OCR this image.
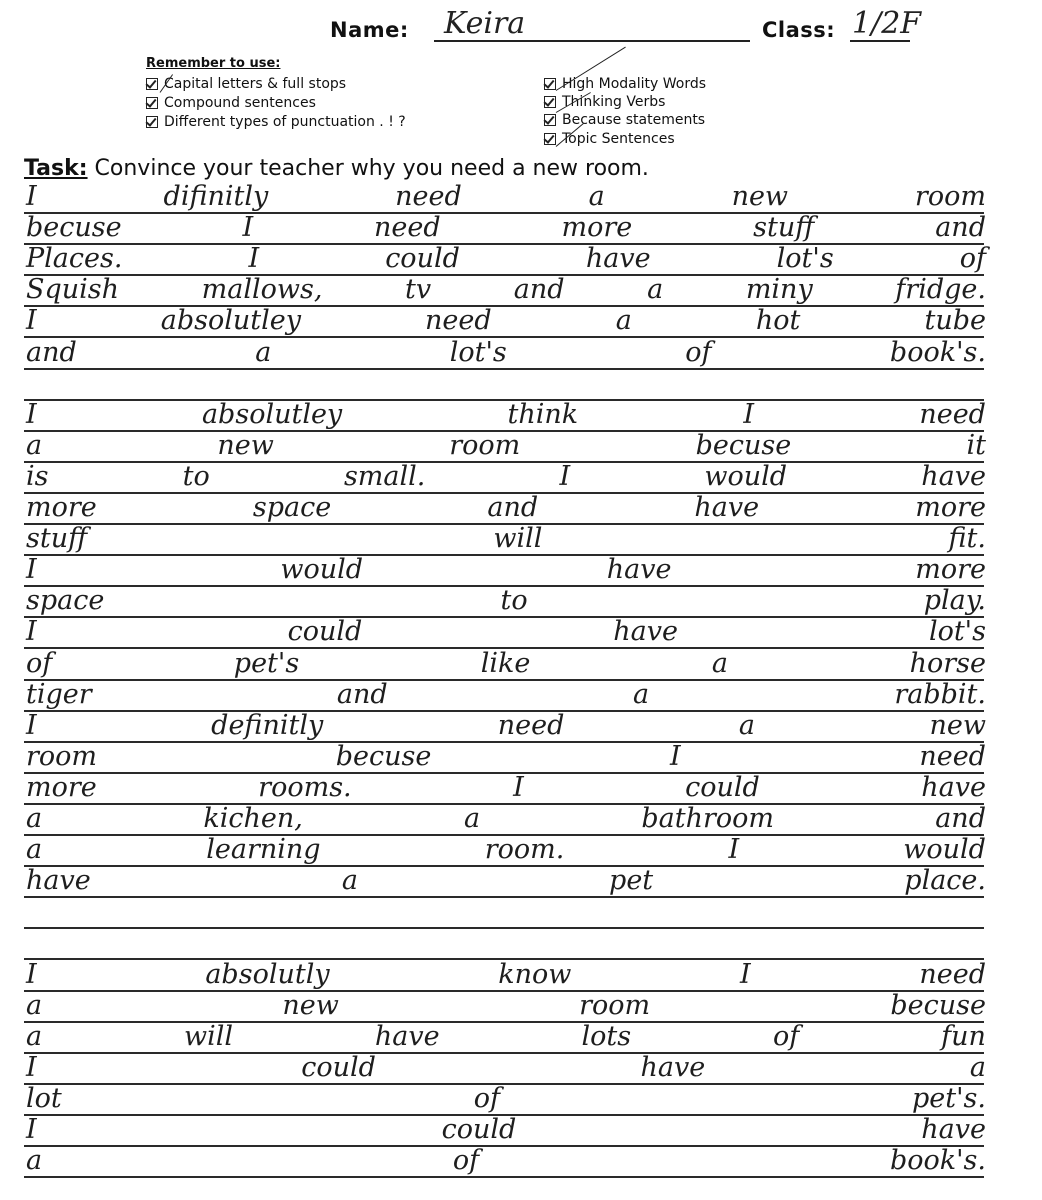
Name: Keira	Class: 1/2F
Remember to use:
Capital letters & full stops
Compound sentences
Different types of punctuation . ! ?
High Modality Words
Thinking Verbs
Because statements
Topic Sentences
Task: Convince your teacher why you need a new room.
I	difinitly	need	a	new	room
becuse	I	need	more	stuff	and
Places.	I	could	have	lot's	of
Squish	mallows,	tv	and	a	miny	fridge.
I	absolutley	need	a	hot	tube
and	a	lot's	of	book's.
I	absolutley	think	I	need
a	new	room	becuse	it
is	to	small.	I	would	have
more	space	and	have	more
stuff	will	fit.
I	would	have	more
space	to	play.
I	could	have	lot's
of	pet's	like	a	horse
tiger	and	a	rabbit.
I	definitly	need	a	new
room	becuse	I	need
more	rooms.	I	could	have
a	kichen,	a	bathroom	and
a	learning	room.	I	would
have	a	pet	place.
I	absolutly	know	I	need
a	new	room	becuse
a	will	have	lots	of	fun
I	could	have	a
lot	of	pet's.
I	could	have
a	of	book's.
